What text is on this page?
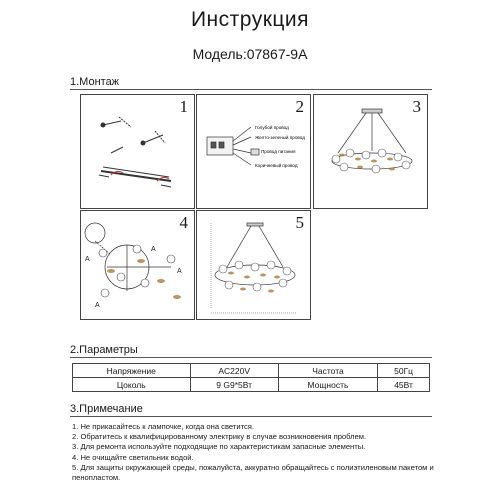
Инструкция
Модель:07867-9А
1.Монтаж
1
Голубой провод
Желто-зеленый провод
Провод питания
Коричневый провод
2	3
A
A
A
A
4	5
2.Параметры
Напряжение	AC220V	Частота	50Гц
Цоколь	9 G9*5Вт	Мощность	45Вт
3.Примечание
1. Не прикасайтесь к лампочке, когда она светится.
2. Обратитесь к квалифицированному электрику в случае возникновения проблем.
3. Для ремонта используйте подходящие по характеристикам запасные элементы.
4. Не очищайте светильник водой.
5. Для защиты окружающей среды, пожалуйста, аккуратно обращайтесь с полиэтиленовым пакетом и пенопластом.
